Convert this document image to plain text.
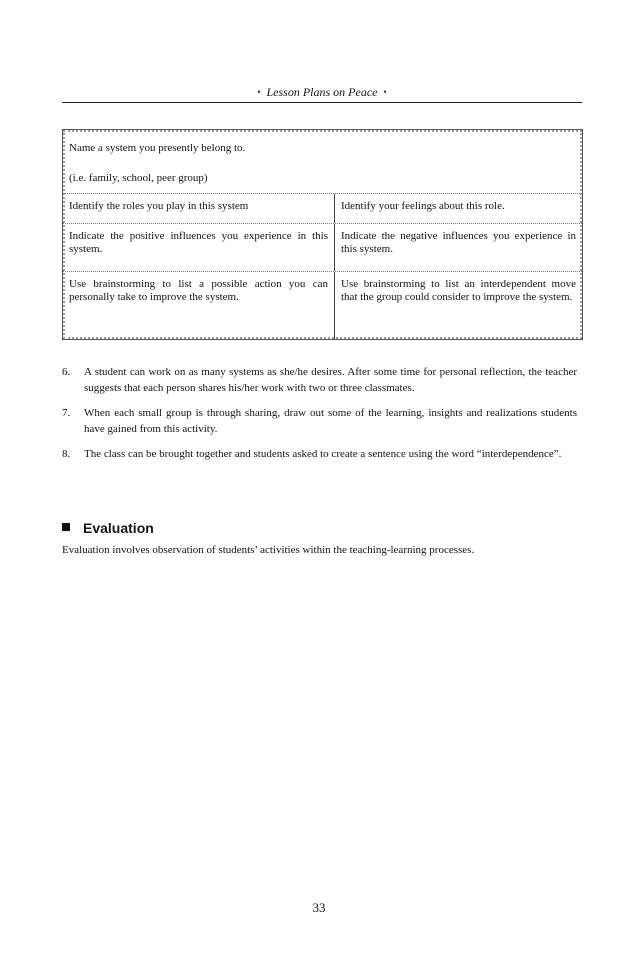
• Lesson Plans on Peace •
Name a system you presently belong to.
(i.e. family, school, peer group)
Identify the roles you play in this system	Identify your feelings about this role.
Indicate the positive influences you experience in this system.
Indicate the negative influences you experience in this system.
Use brainstorming to list a possible action you can personally take to improve the system.
Use brainstorming to list an interdependent move that the group could consider to improve the system.
6. A student can work on as many systems as she/he desires. After some time for personal reflection, the teacher suggests that each person shares his/her work with two or three classmates.
7. When each small group is through sharing, draw out some of the learning, insights and realizations students have gained from this activity.
8. The class can be brought together and students asked to create a sentence using the word “interdependence”.
Evaluation
Evaluation involves observation of students’ activities within the teaching-learning processes.
33
